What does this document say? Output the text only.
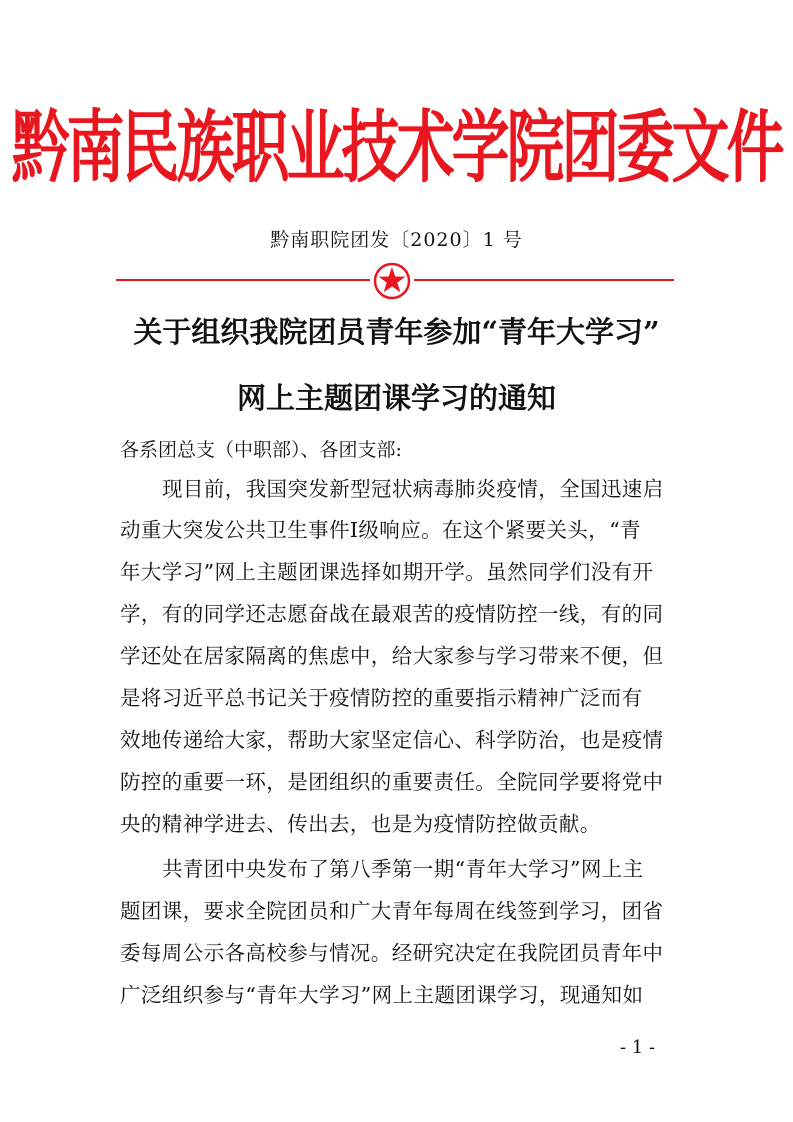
黔南民族职业技术学院团委文件
黔南职院团发〔2020〕1 号
关于组织我院团员青年参加“青年大学习”
网上主题团课学习的通知
各系团总支（中职部）、各团支部:
现目前，我国突发新型冠状病毒肺炎疫情，全国迅速启
动重大突发公共卫生事件Ⅰ级响应。在这个紧要关头，“青
年大学习”网上主题团课选择如期开学。虽然同学们没有开
学，有的同学还志愿奋战在最艰苦的疫情防控一线，有的同
学还处在居家隔离的焦虑中，给大家参与学习带来不便，但
是将习近平总书记关于疫情防控的重要指示精神广泛而有
效地传递给大家，帮助大家坚定信心、科学防治，也是疫情
防控的重要一环，是团组织的重要责任。全院同学要将党中
央的精神学进去、传出去，也是为疫情防控做贡献。
共青团中央发布了第八季第一期“青年大学习”网上主
题团课，要求全院团员和广大青年每周在线签到学习，团省
委每周公示各高校参与情况。经研究决定在我院团员青年中
广泛组织参与“青年大学习”网上主题团课学习，现通知如
- 1 -
